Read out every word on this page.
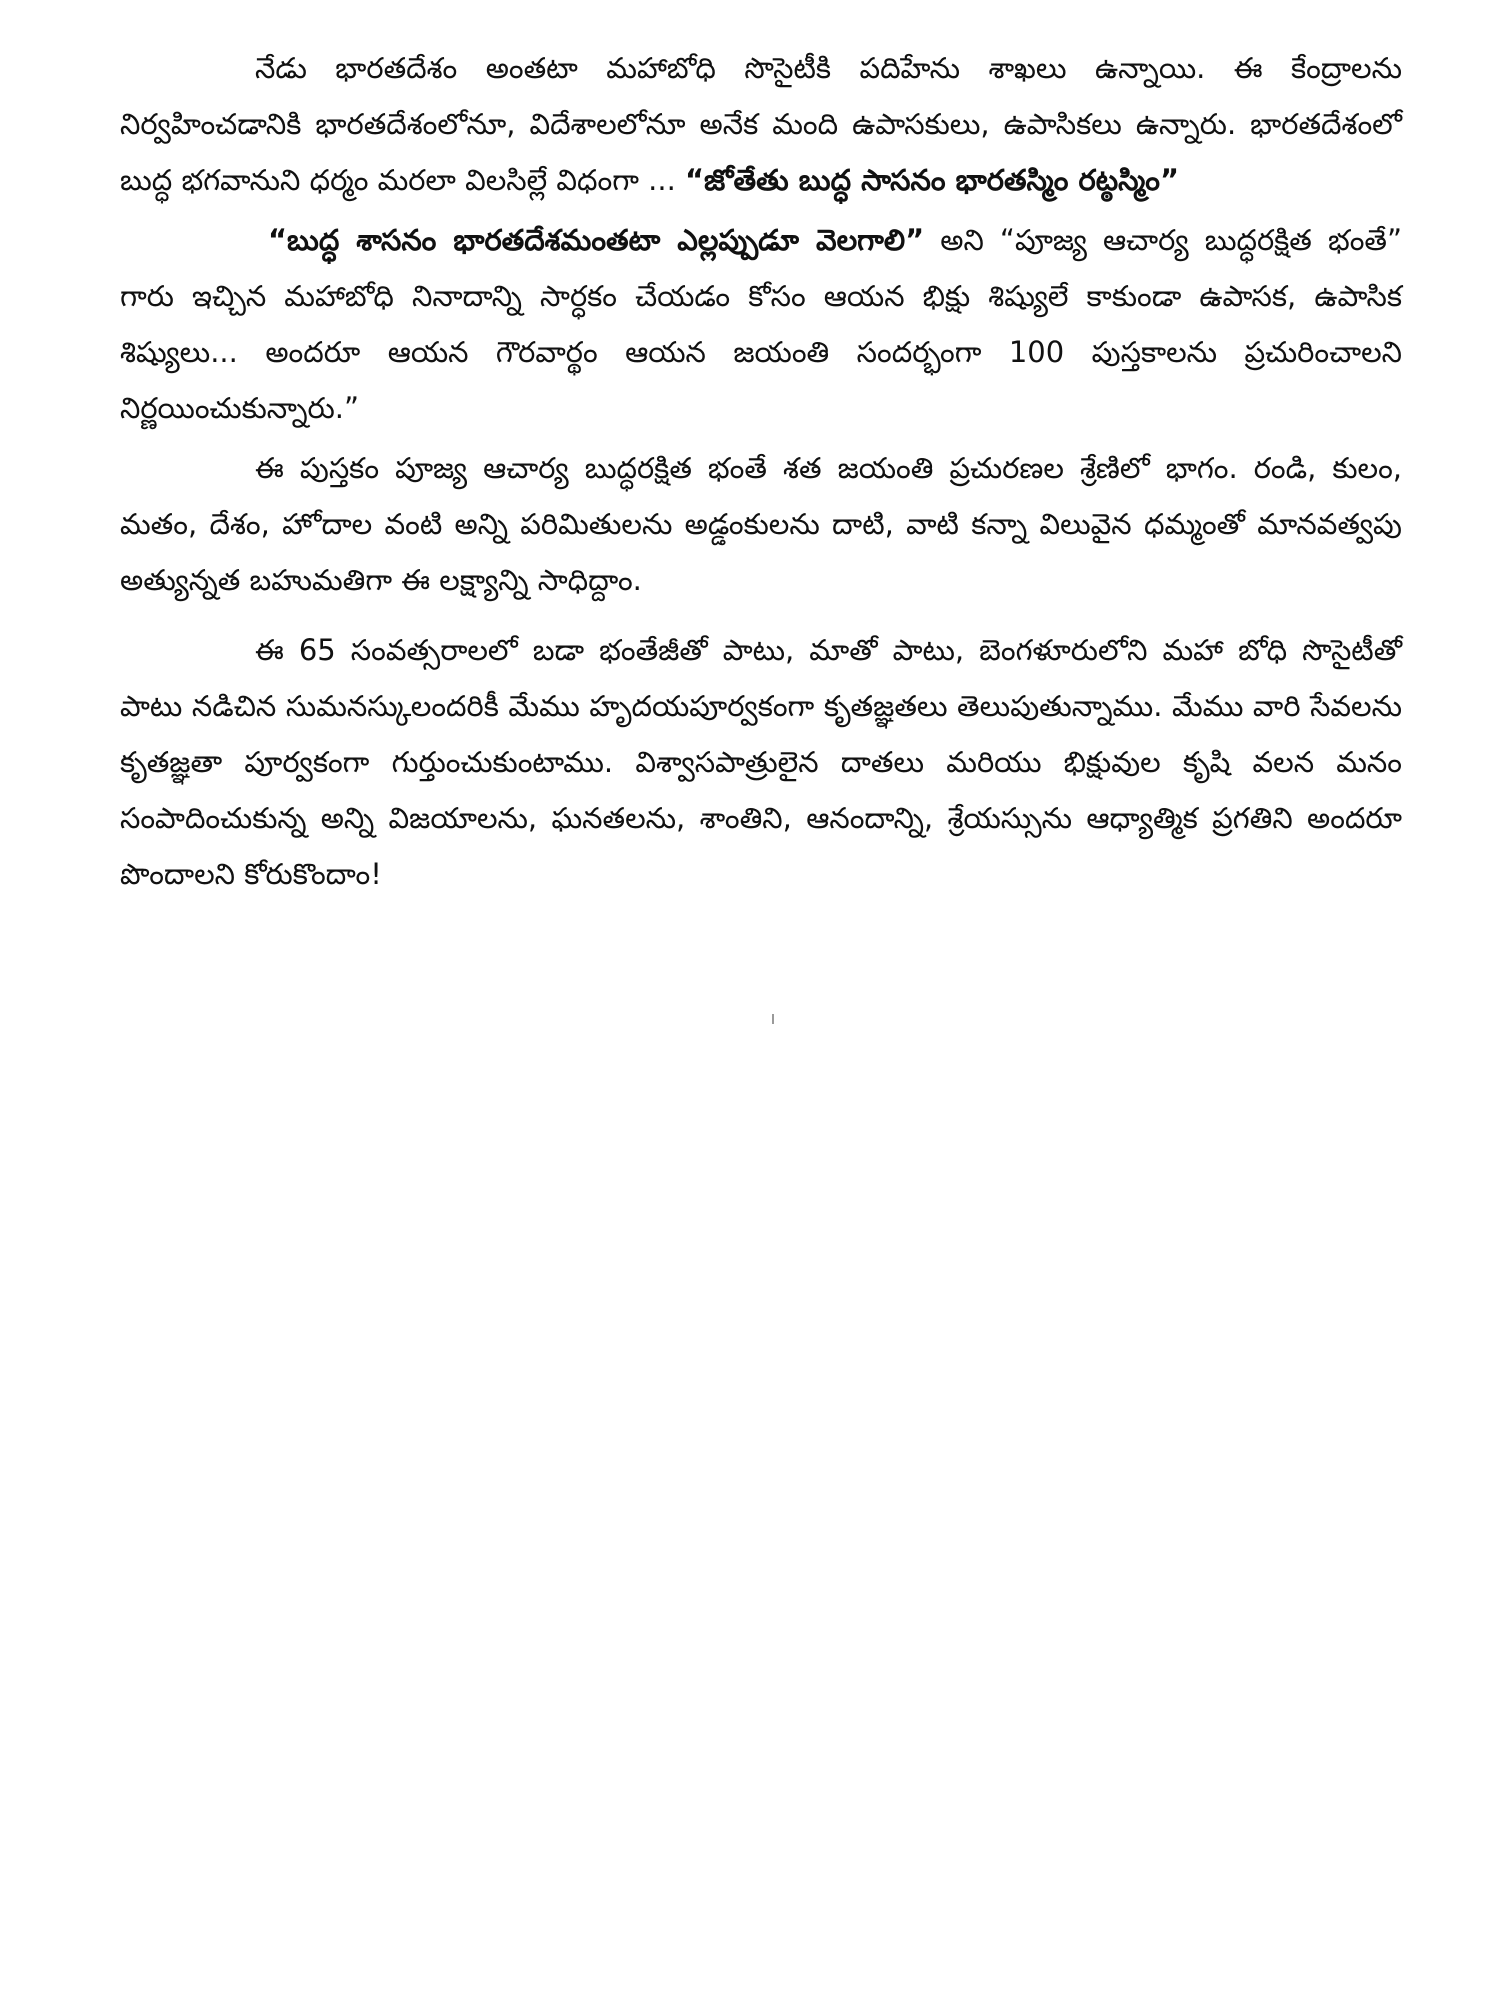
నేడు భారతదేశం అంతటా మహాబోధి సొసైటీకి పదిహేను శాఖలు ఉన్నాయి. ఈ కేంద్రాలను నిర్వహించడానికి భారతదేశంలోనూ, విదేశాలలోనూ అనేక మంది ఉపాసకులు, ఉపాసికలు ఉన్నారు. భారతదేశంలో బుద్ధ భగవానుని ధర్మం మరలా విలసిల్లే విధంగా ... “జోతేతు బుద్ధ సాసనం భారతస్మిం రట్ఠస్మిం”

“బుద్ధ శాసనం భారతదేశమంతటా ఎల్లప్పుడూ వెలగాలి” అని “పూజ్య ఆచార్య బుద్ధరక్షిత భంతే” గారు ఇచ్చిన మహాబోధి నినాదాన్ని సార్ధకం చేయడం కోసం ఆయన భిక్షు శిష్యులే కాకుండా ఉపాసక, ఉపాసిక శిష్యులు... అందరూ ఆయన గౌరవార్థం ఆయన జయంతి సందర్భంగా 100 పుస్తకాలను ప్రచురించాలని నిర్ణయించుకున్నారు.”

ఈ పుస్తకం పూజ్య ఆచార్య బుద్ధరక్షిత భంతే శత జయంతి ప్రచురణల శ్రేణిలో భాగం. రండి, కులం, మతం, దేశం, హోదాల వంటి అన్ని పరిమితులను అడ్డంకులను దాటి, వాటి కన్నా విలువైన ధమ్మంతో మానవత్వపు అత్యున్నత బహుమతిగా ఈ లక్ష్యాన్ని సాధిద్దాం.

ఈ 65 సంవత్సరాలలో బడా భంతేజీతో పాటు, మాతో పాటు, బెంగళూరులోని మహా బోధి సొసైటీతో పాటు నడిచిన సుమనస్కులందరికీ మేము హృదయపూర్వకంగా కృతజ్ఞతలు తెలుపుతున్నాము. మేము వారి సేవలను కృతజ్ఞతా పూర్వకంగా గుర్తుంచుకుంటాము. విశ్వాసపాత్రులైన దాతలు మరియు భిక్షువుల కృషి వలన మనం సంపాదించుకున్న అన్ని విజయాలను, ఘనతలను, శాంతిని, ఆనందాన్ని, శ్రేయస్సును ఆధ్యాత్మిక ప్రగతిని అందరూ పొందాలని కోరుకొందాం!
